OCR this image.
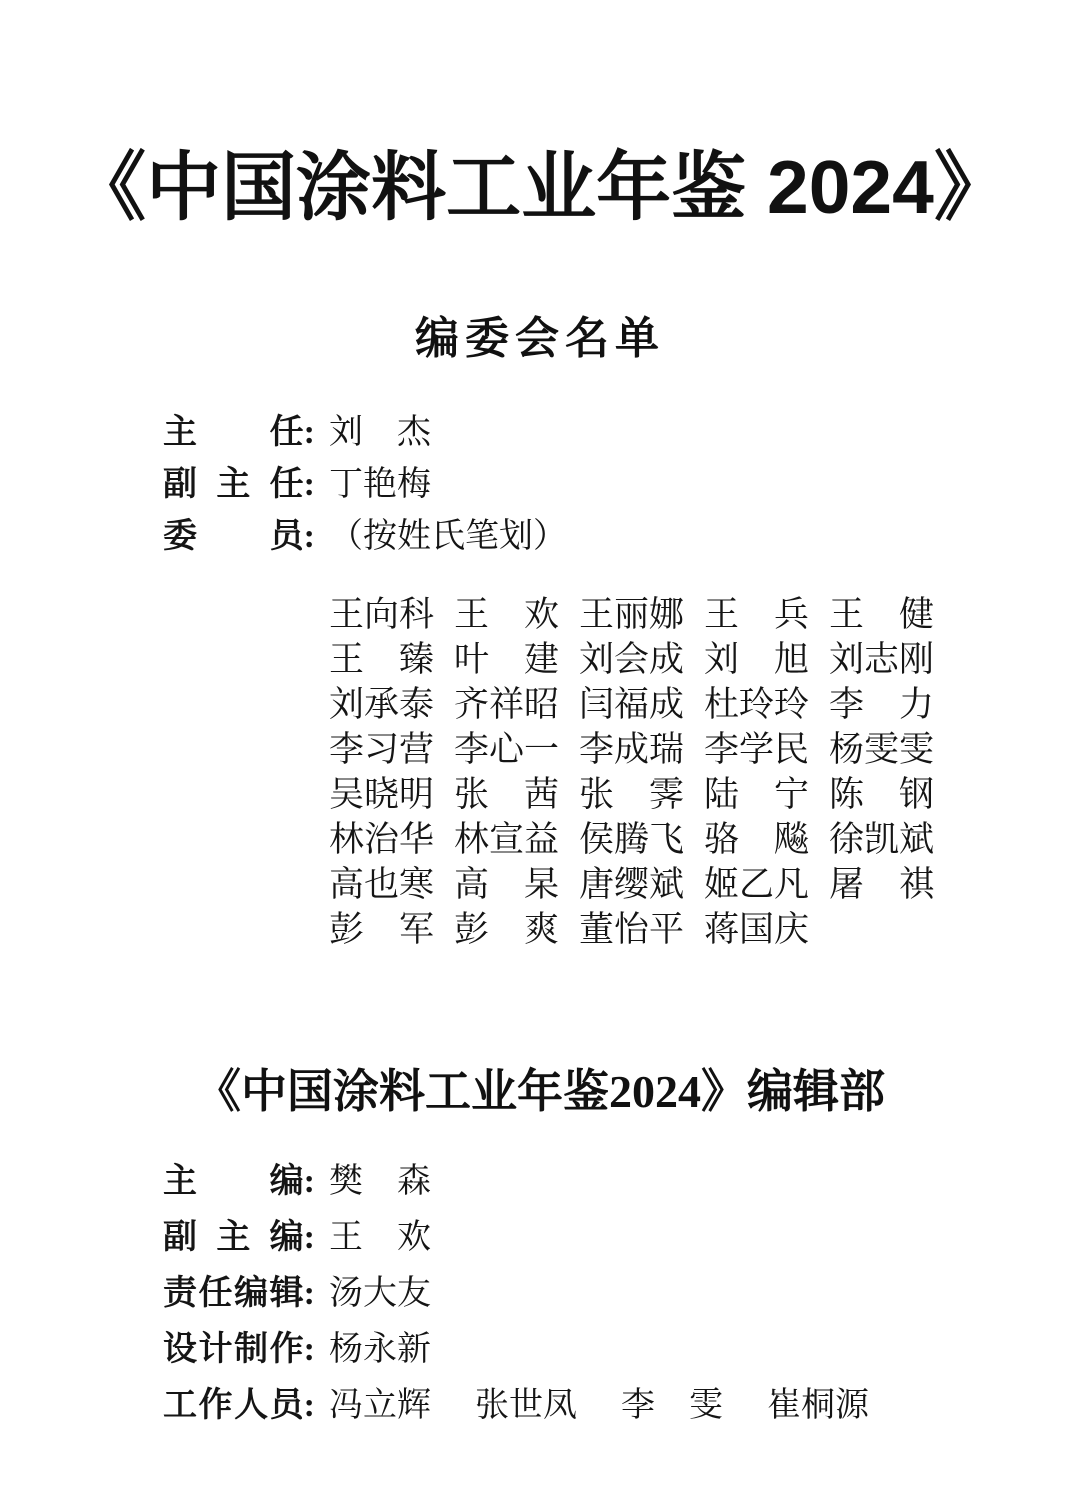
《中国涂料工业年鉴 2024》
编委会名单
主 任: 刘　杰
副 主 任: 丁艳梅
委 员: （按姓氏笔划）
王向科 王　欢 王丽娜 王　兵 王　健
王　臻 叶　建 刘会成 刘　旭 刘志刚
刘承泰 齐祥昭 闫福成 杜玲玲 李　力
李习营 李心一 李成瑞 李学民 杨雯雯
吴晓明 张　茜 张　霁 陆　宁 陈　钢
林治华 林宣益 侯腾飞 骆　飚 徐凯斌
高也寒 高　杲 唐缨斌 姬乙凡 屠　祺
彭　军 彭　爽 董怡平 蒋国庆
《中国涂料工业年鉴2024》编辑部
主 编: 樊　森
副 主 编: 王　欢
责 任 编 辑: 汤大友
设 计 制 作: 杨永新
工 作 人 员: 冯立辉 张世凤 李　雯 崔桐源
